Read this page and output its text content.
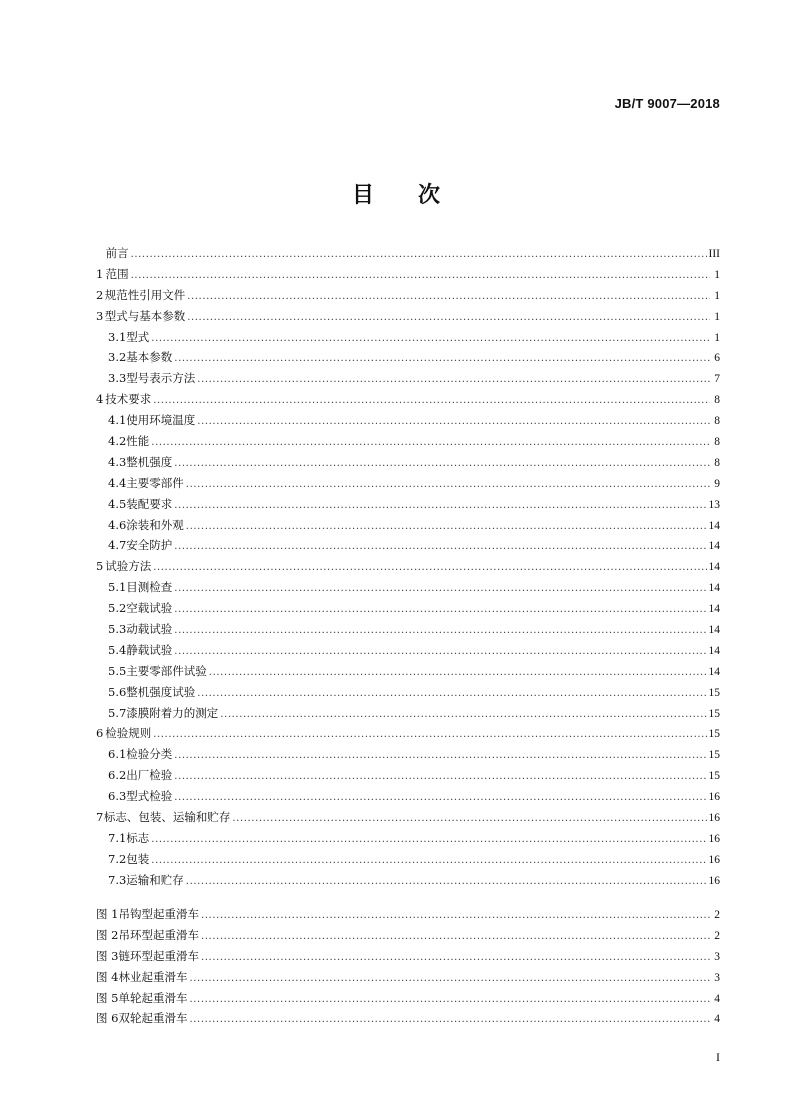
JB/T 9007—2018
目 次
前言 .....	III
1 范围 .....	1
2 规范性引用文件 .....	1
3 型式与基本参数 .....	1
3.1 型式 .....	1
3.2 基本参数 .....	6
3.3 型号表示方法 .....	7
4 技术要求 .....	8
4.1 使用环境温度 .....	8
4.2 性能 .....	8
4.3 整机强度 .....	8
4.4 主要零部件 .....	9
4.5 装配要求 .....	13
4.6 涂装和外观 .....	14
4.7 安全防护 .....	14
5 试验方法 .....	14
5.1 目测检查 .....	14
5.2 空载试验 .....	14
5.3 动载试验 .....	14
5.4 静载试验 .....	14
5.5 主要零部件试验 .....	14
5.6 整机强度试验 .....	15
5.7 漆膜附着力的测定 .....	15
6 检验规则 .....	15
6.1 检验分类 .....	15
6.2 出厂检验 .....	15
6.3 型式检验 .....	16
7 标志、包装、运输和贮存 .....	16
7.1 标志 .....	16
7.2 包装 .....	16
7.3 运输和贮存 .....	16
图 1 吊钩型起重滑车 .....	2
图 2 吊环型起重滑车 .....	2
图 3 链环型起重滑车 .....	3
图 4 林业起重滑车 .....	3
图 5 单轮起重滑车 .....	4
图 6 双轮起重滑车 .....	4
I
